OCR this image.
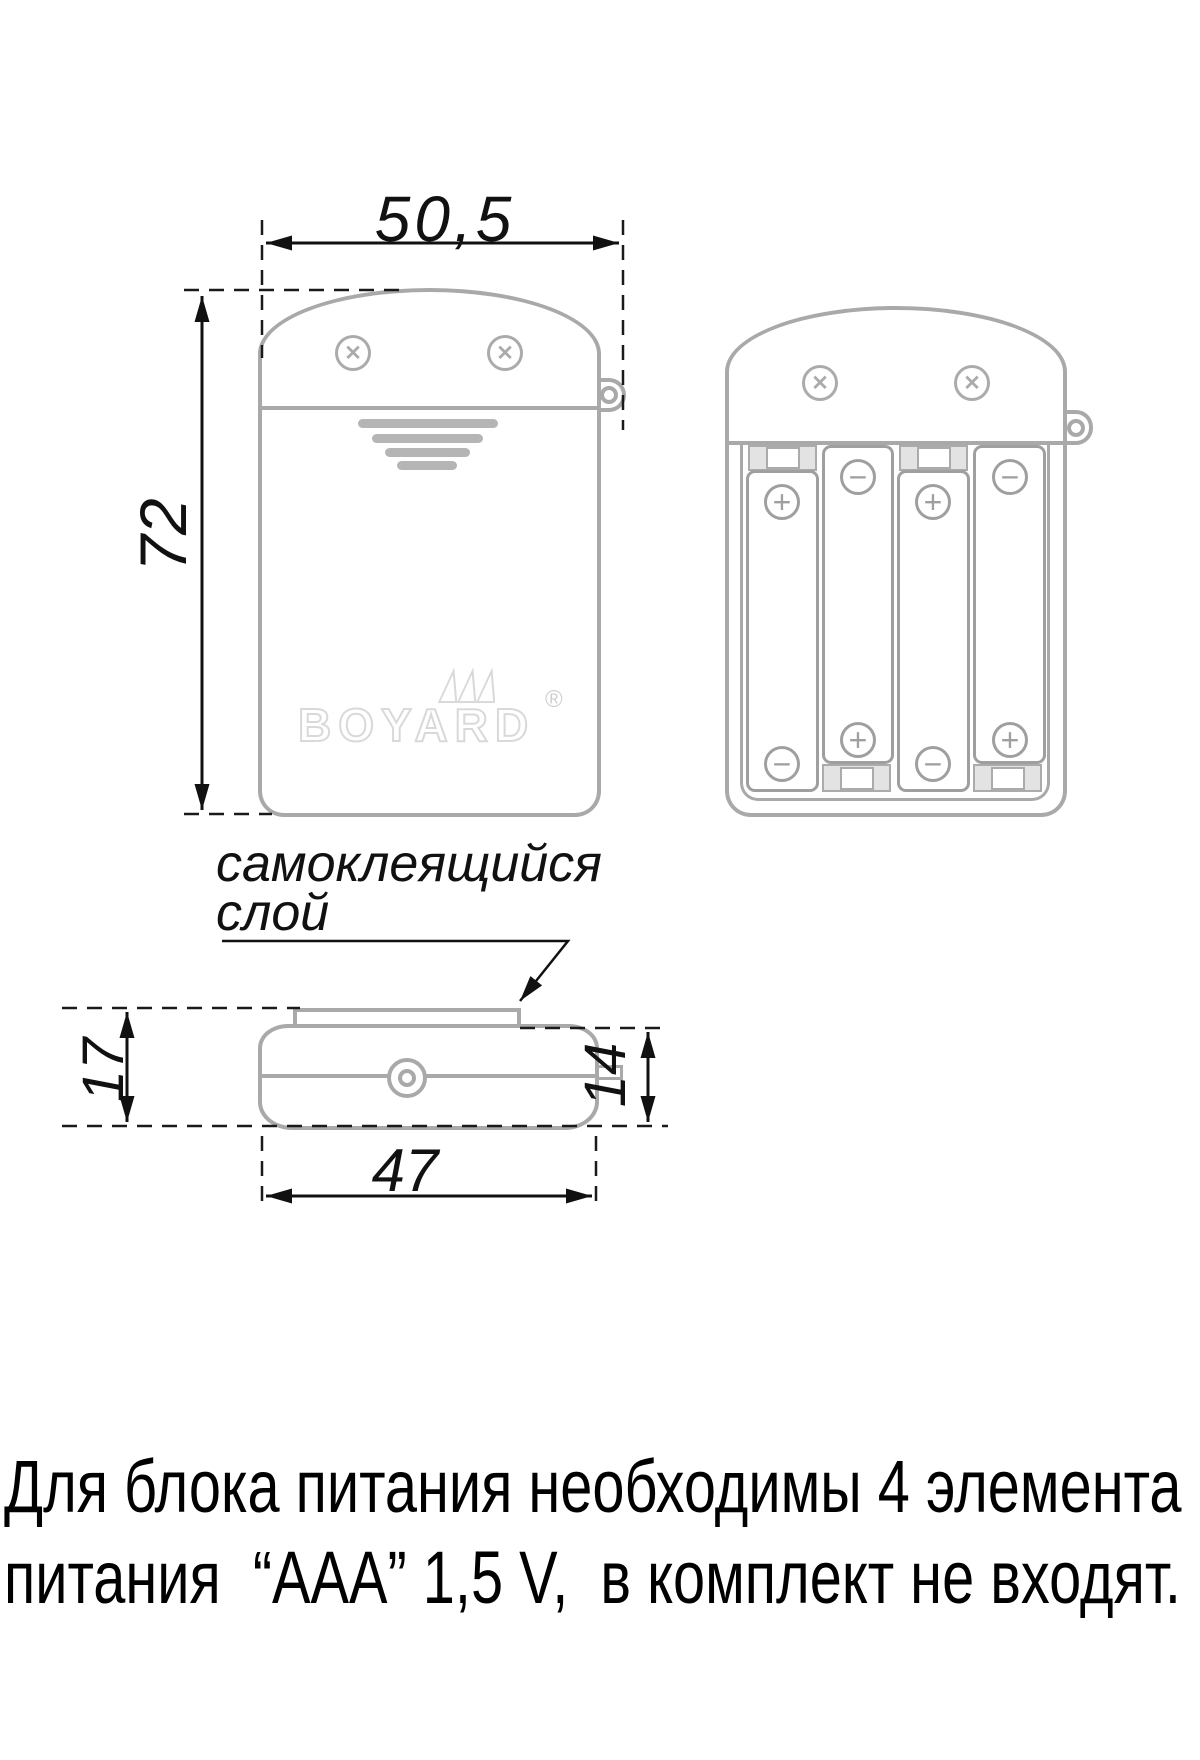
✕	✕
BOYARD ®
✕	✕
+
−
−
+
+
−
−
+
50,5
72
17	14
47
самоклеящийся
слой
Для блока питания необходимы 4 элемента
питания  “ААА” 1,5 V,  в комплект не входят.
